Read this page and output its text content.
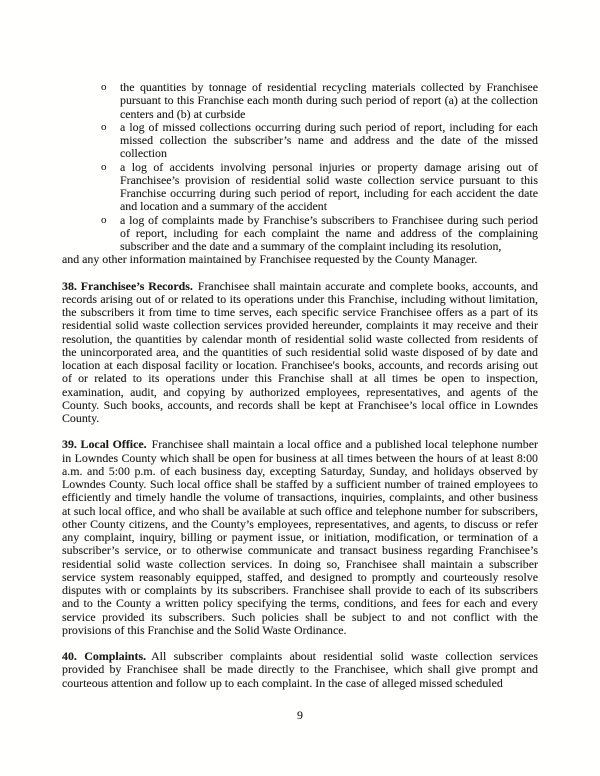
o the quantities by tonnage of residential recycling materials collected by Franchisee pursuant to this Franchise each month during such period of report (a) at the collection centers and (b) at curbside
o a log of missed collections occurring during such period of report, including for each missed collection the subscriber’s name and address and the date of the missed collection
o a log of accidents involving personal injuries or property damage arising out of Franchisee’s provision of residential solid waste collection service pursuant to this Franchise occurring during such period of report, including for each accident the date and location and a summary of the accident
o a log of complaints made by Franchise’s subscribers to Franchisee during such period of report, including for each complaint the name and address of the complaining subscriber and the date and a summary of the complaint including its resolution,

and any other information maintained by Franchisee requested by the County Manager.

38. Franchisee’s Records. Franchisee shall maintain accurate and complete books, accounts, and records arising out of or related to its operations under this Franchise, including without limitation, the subscribers it from time to time serves, each specific service Franchisee offers as a part of its residential solid waste collection services provided hereunder, complaints it may receive and their resolution, the quantities by calendar month of residential solid waste collected from residents of the unincorporated area, and the quantities of such residential solid waste disposed of by date and location at each disposal facility or location. Franchisee's books, accounts, and records arising out of or related to its operations under this Franchise shall at all times be open to inspection, examination, audit, and copying by authorized employees, representatives, and agents of the County. Such books, accounts, and records shall be kept at Franchisee’s local office in Lowndes County.

39. Local Office. Franchisee shall maintain a local office and a published local telephone number in Lowndes County which shall be open for business at all times between the hours of at least 8:00 a.m. and 5:00 p.m. of each business day, excepting Saturday, Sunday, and holidays observed by Lowndes County. Such local office shall be staffed by a sufficient number of trained employees to efficiently and timely handle the volume of transactions, inquiries, complaints, and other business at such local office, and who shall be available at such office and telephone number for subscribers, other County citizens, and the County’s employees, representatives, and agents, to discuss or refer any complaint, inquiry, billing or payment issue, or initiation, modification, or termination of a subscriber’s service, or to otherwise communicate and transact business regarding Franchisee’s residential solid waste collection services. In doing so, Franchisee shall maintain a subscriber service system reasonably equipped, staffed, and designed to promptly and courteously resolve disputes with or complaints by its subscribers. Franchisee shall provide to each of its subscribers and to the County a written policy specifying the terms, conditions, and fees for each and every service provided its subscribers. Such policies shall be subject to and not conflict with the provisions of this Franchise and the Solid Waste Ordinance.

40. Complaints. All subscriber complaints about residential solid waste collection services provided by Franchisee shall be made directly to the Franchisee, which shall give prompt and courteous attention and follow up to each complaint. In the case of alleged missed scheduled

9
